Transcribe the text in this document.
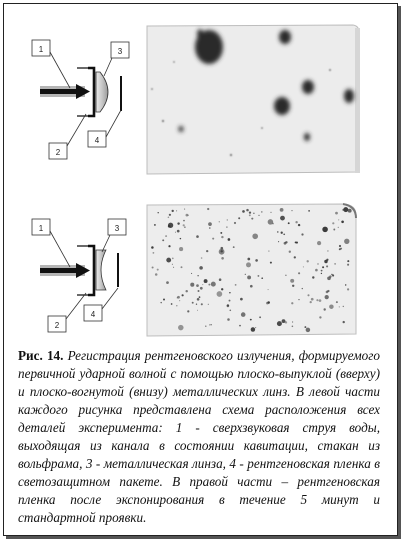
1	3
2
4
1	3
2
4
Рис. 14. Регистрация рентгеновского излучения, формируемого первичной ударной волной с помощью плоско-выпуклой (вверху) и плоско-вогнутой (внизу) металлических линз. В левой части каждого рисунка представлена схема расположения всех деталей эксперимента: 1 - сверхзвуковая струя воды, выходящая из канала в состоянии кавитации, стакан из вольфрама, 3 - металлическая линза, 4 - рентгеновская пленка в светозащитном пакете. В правой части – рентгеновская пленка после экспонирования в течение 5 минут и стандартной проявки.
